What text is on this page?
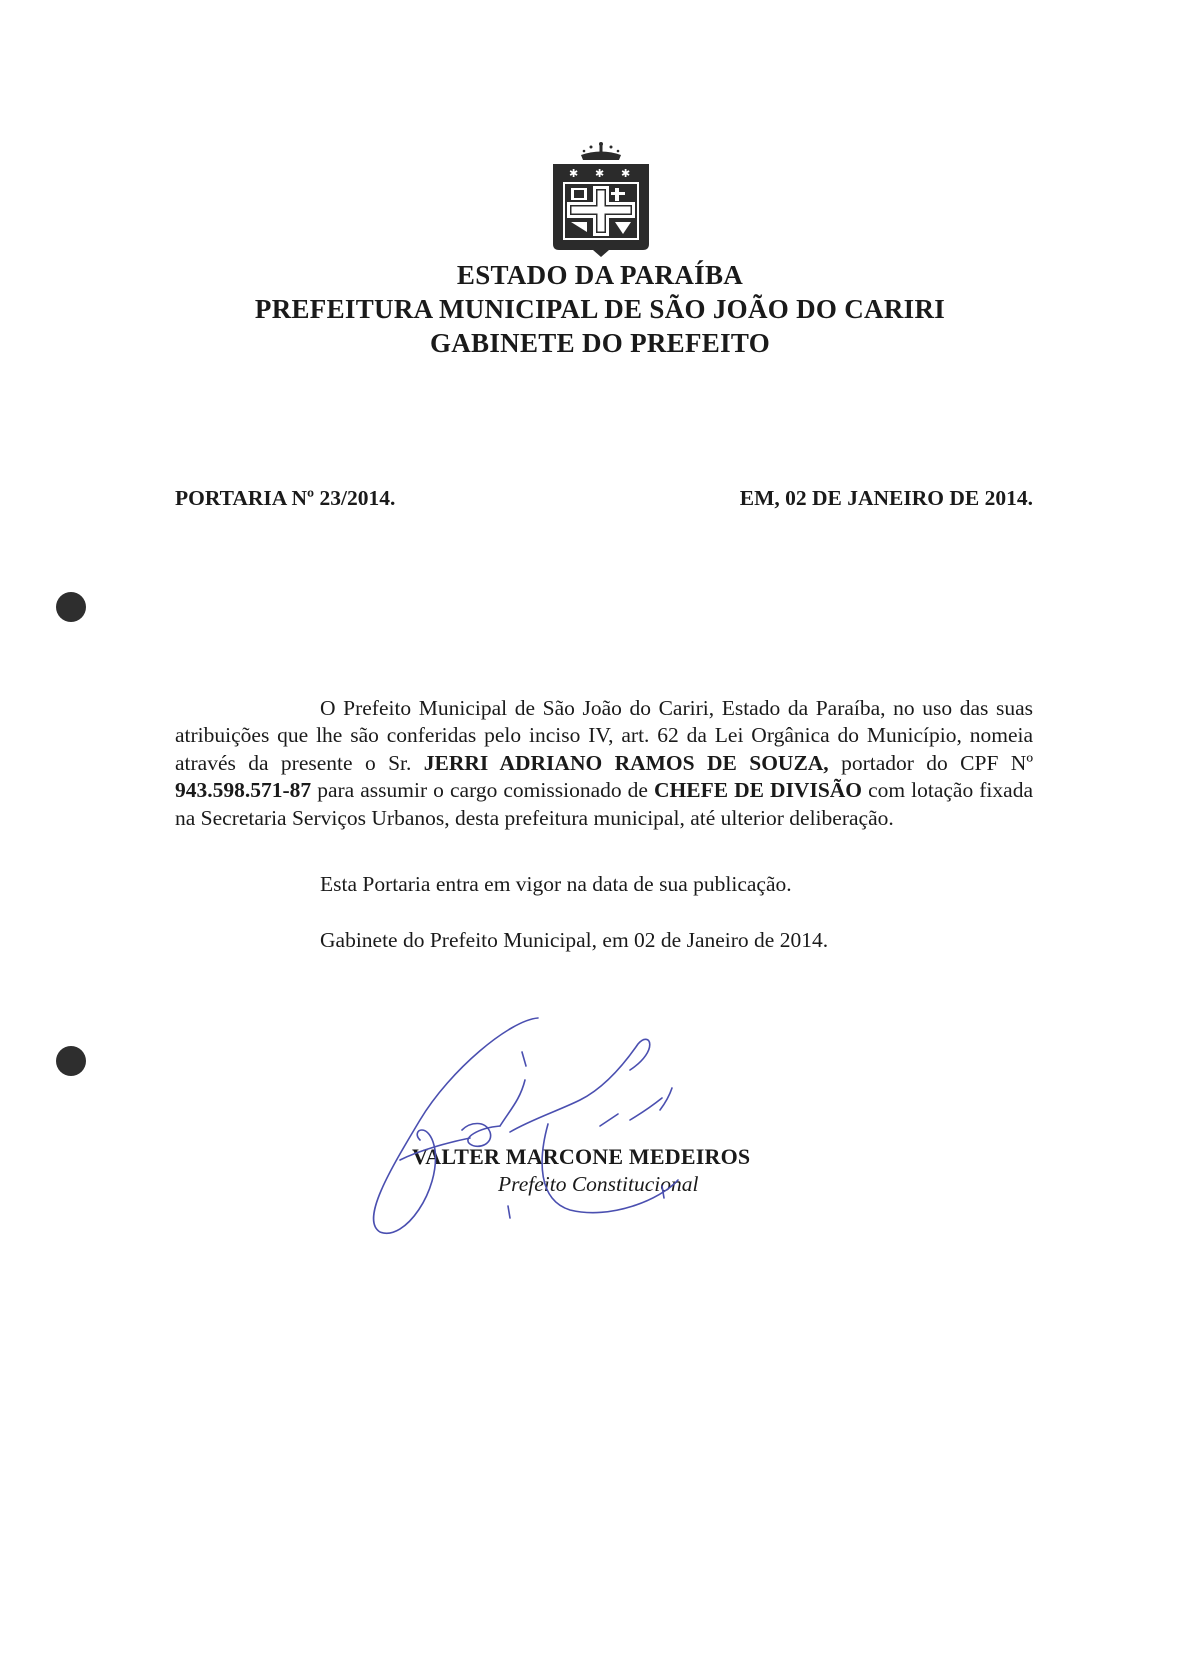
✱ ✱ ✱
ESTADO DA PARAÍBA
PREFEITURA MUNICIPAL DE SÃO JOÃO DO CARIRI
GABINETE DO PREFEITO
PORTARIA Nº 23/2014.	EM, 02 DE JANEIRO DE 2014.

O Prefeito Municipal de São João do Cariri, Estado da Paraíba, no uso das suas atribuições que lhe são conferidas pelo inciso IV, art. 62 da Lei Orgânica do Município, nomeia através da presente o Sr. JERRI ADRIANO RAMOS DE SOUZA, portador do CPF Nº 943.598.571-87 para assumir o cargo comissionado de CHEFE DE DIVISÃO com lotação fixada na Secretaria Serviços Urbanos, desta prefeitura municipal, até ulterior deliberação.

Esta Portaria entra em vigor na data de sua publicação.
Gabinete do Prefeito Municipal, em 02 de Janeiro de 2014.
VALTER MARCONE MEDEIROS
Prefeito Constitucional
